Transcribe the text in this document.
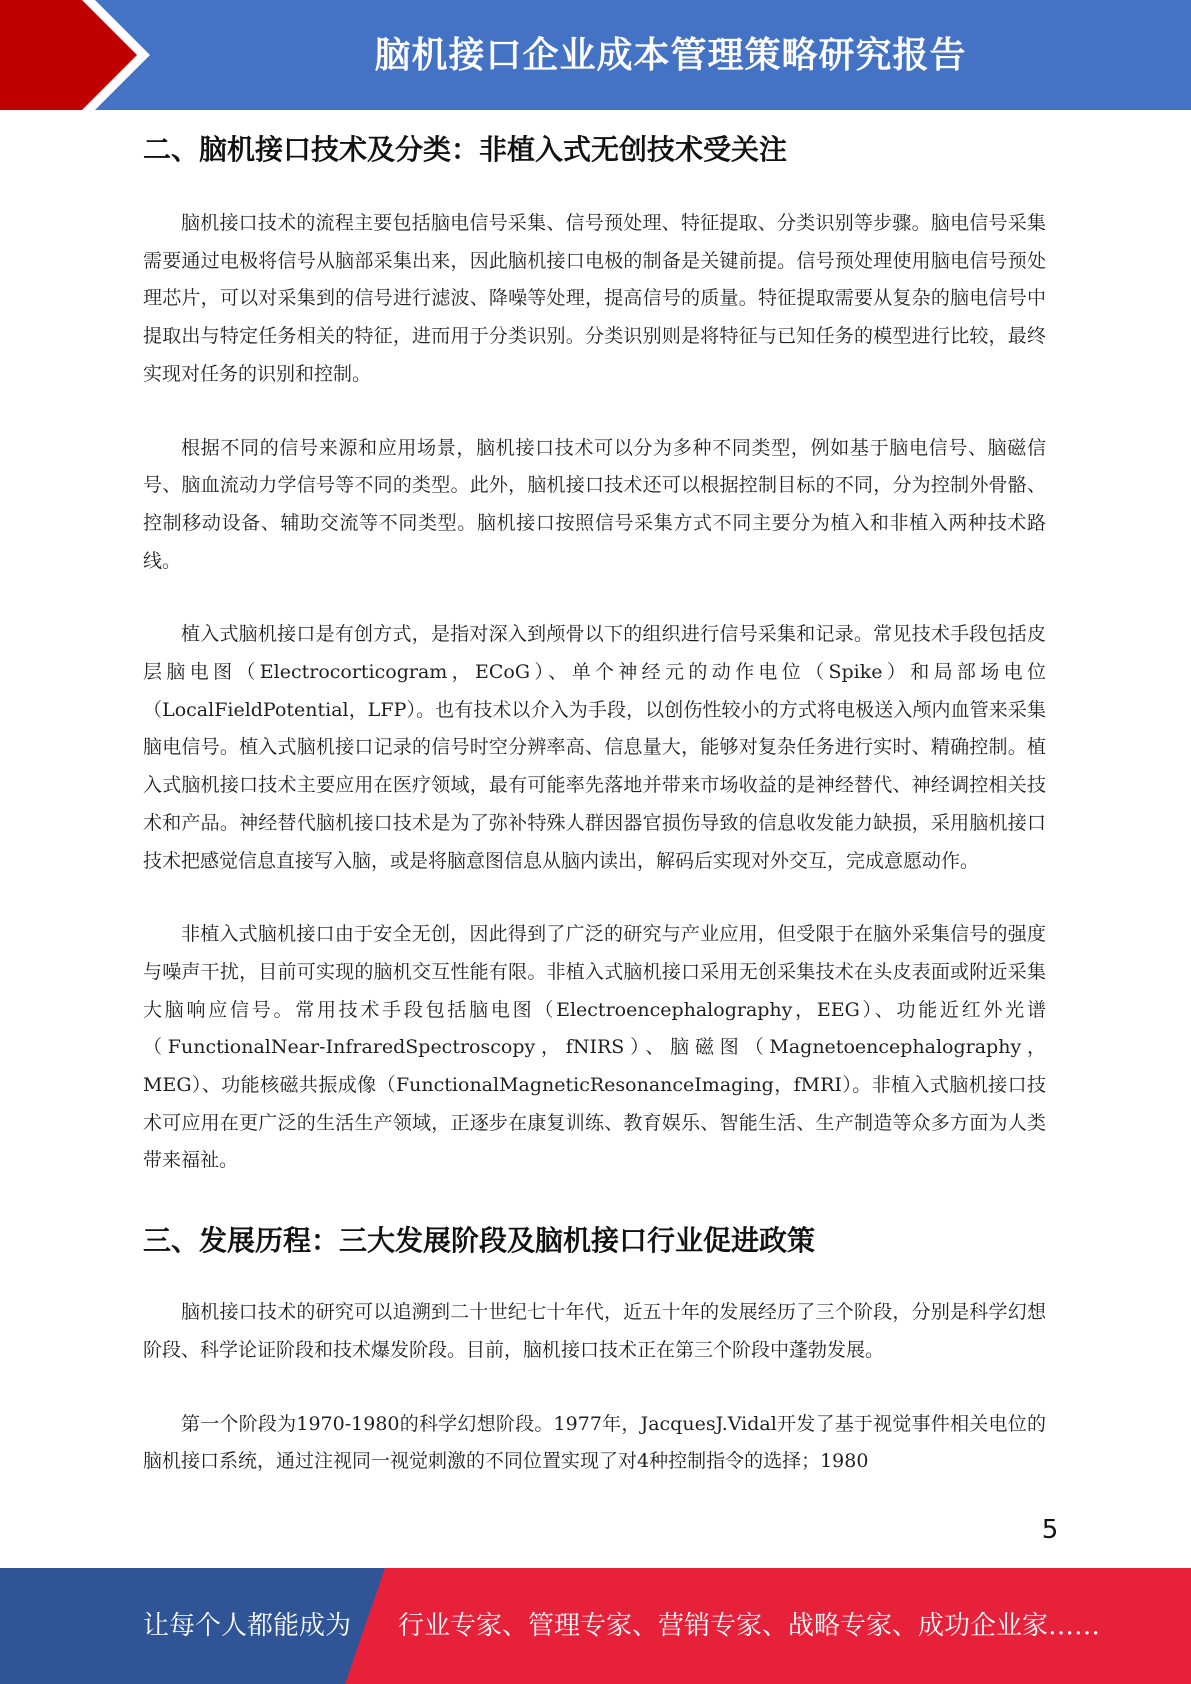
脑机接口企业成本管理策略研究报告
二、脑机接口技术及分类：非植入式无创技术受关注

脑机接口技术的流程主要包括脑电信号采集、信号预处理、特征提取、分类识别等步骤。脑电信号采集需要通过电极将信号从脑部采集出来，因此脑机接口电极的制备是关键前提。信号预处理使用脑电信号预处理芯片，可以对采集到的信号进行滤波、降噪等处理，提高信号的质量。特征提取需要从复杂的脑电信号中提取出与特定任务相关的特征，进而用于分类识别。分类识别则是将特征与已知任务的模型进行比较，最终实现对任务的识别和控制。

根据不同的信号来源和应用场景，脑机接口技术可以分为多种不同类型，例如基于脑电信号、脑磁信号、脑血流动力学信号等不同的类型。此外，脑机接口技术还可以根据控制目标的不同，分为控制外骨骼、控制移动设备、辅助交流等不同类型。脑机接口按照信号采集方式不同主要分为植入和非植入两种技术路线。

植入式脑机接口是有创方式，是指对深入到颅骨以下的组织进行信号采集和记录。常见技术手段包括皮层脑电图（Electrocorticogram，ECoG）、单个神经元的动作电位（Spike）和局部场电位（LocalFieldPotential，LFP）。也有技术以介入为手段，以创伤性较小的方式将电极送入颅内血管来采集脑电信号。植入式脑机接口记录的信号时空分辨率高、信息量大，能够对复杂任务进行实时、精确控制。植入式脑机接口技术主要应用在医疗领域，最有可能率先落地并带来市场收益的是神经替代、神经调控相关技术和产品。神经替代脑机接口技术是为了弥补特殊人群因器官损伤导致的信息收发能力缺损，采用脑机接口技术把感觉信息直接写入脑，或是将脑意图信息从脑内读出，解码后实现对外交互，完成意愿动作。

非植入式脑机接口由于安全无创，因此得到了广泛的研究与产业应用，但受限于在脑外采集信号的强度与噪声干扰，目前可实现的脑机交互性能有限。非植入式脑机接口采用无创采集技术在头皮表面或附近采集大脑响应信号。常用技术手段包括脑电图（Electroencephalography，EEG）、功能近红外光谱（FunctionalNear-InfraredSpectroscopy，fNIRS）、脑磁图（Magnetoencephalography，MEG）、功能核磁共振成像（FunctionalMagneticResonanceImaging，fMRI）。非植入式脑机接口技术可应用在更广泛的生活生产领域，正逐步在康复训练、教育娱乐、智能生活、生产制造等众多方面为人类带来福祉。

三、发展历程：三大发展阶段及脑机接口行业促进政策

脑机接口技术的研究可以追溯到二十世纪七十年代，近五十年的发展经历了三个阶段，分别是科学幻想阶段、科学论证阶段和技术爆发阶段。目前，脑机接口技术正在第三个阶段中蓬勃发展。

第一个阶段为1970-1980的科学幻想阶段。1977年，JacquesJ.Vidal开发了基于视觉事件相关电位的脑机接口系统，通过注视同一视觉刺激的不同位置实现了对4种控制指令的选择；1980

5
让每个人都能成为 行业专家、管理专家、营销专家、战略专家、成功企业家……
